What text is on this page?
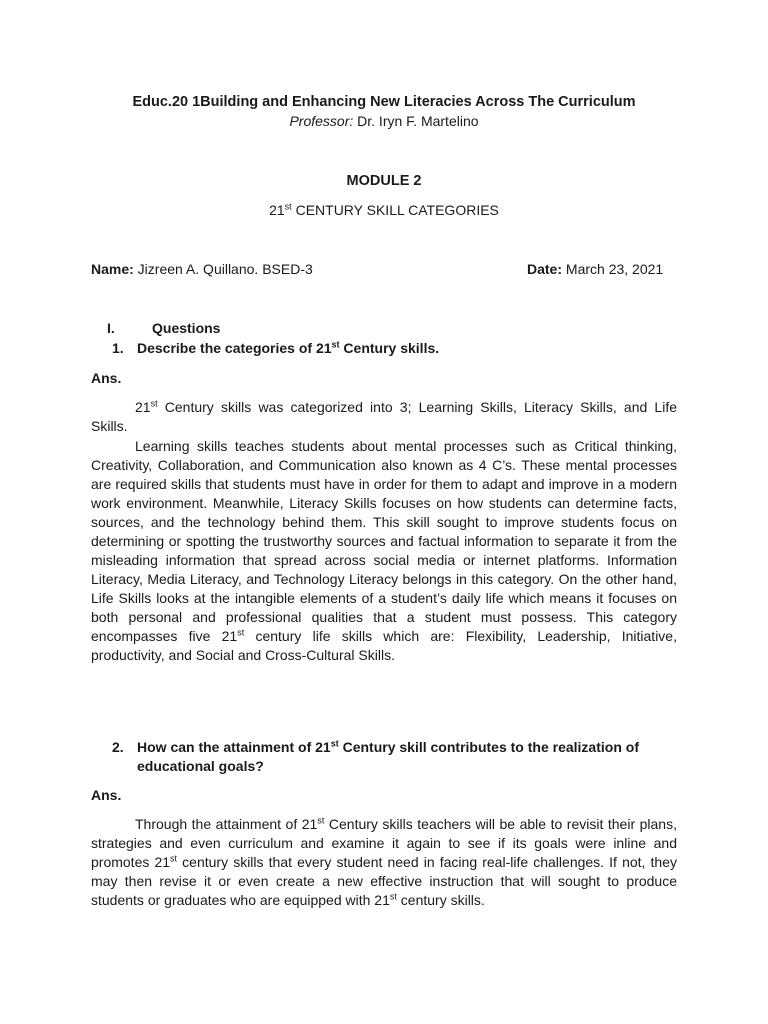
Educ.20 1Building and Enhancing New Literacies Across The Curriculum
Professor: Dr. Iryn F. Martelino
MODULE 2
21st CENTURY SKILL CATEGORIES
Name: Jizreen A. Quillano. BSED-3	Date: March 23, 2021
I.	Questions
1. Describe the categories of 21st Century skills.
Ans.

21st Century skills was categorized into 3; Learning Skills, Literacy Skills, and Life Skills.

Learning skills teaches students about mental processes such as Critical thinking, Creativity, Collaboration, and Communication also known as 4 C’s. These mental processes are required skills that students must have in order for them to adapt and improve in a modern work environment. Meanwhile, Literacy Skills focuses on how students can determine facts, sources, and the technology behind them. This skill sought to improve students focus on determining or spotting the trustworthy sources and factual information to separate it from the misleading information that spread across social media or internet platforms. Information Literacy, Media Literacy, and Technology Literacy belongs in this category. On the other hand, Life Skills looks at the intangible elements of a student’s daily life which means it focuses on both personal and professional qualities that a student must possess. This category encompasses five 21st century life skills which are: Flexibility, Leadership, Initiative, productivity, and Social and Cross-Cultural Skills.

2. How can the attainment of 21st Century skill contributes to the realization of educational goals?
Ans.

Through the attainment of 21st Century skills teachers will be able to revisit their plans, strategies and even curriculum and examine it again to see if its goals were inline and promotes 21st century skills that every student need in facing real-life challenges. If not, they may then revise it or even create a new effective instruction that will sought to produce students or graduates who are equipped with 21st century skills.
